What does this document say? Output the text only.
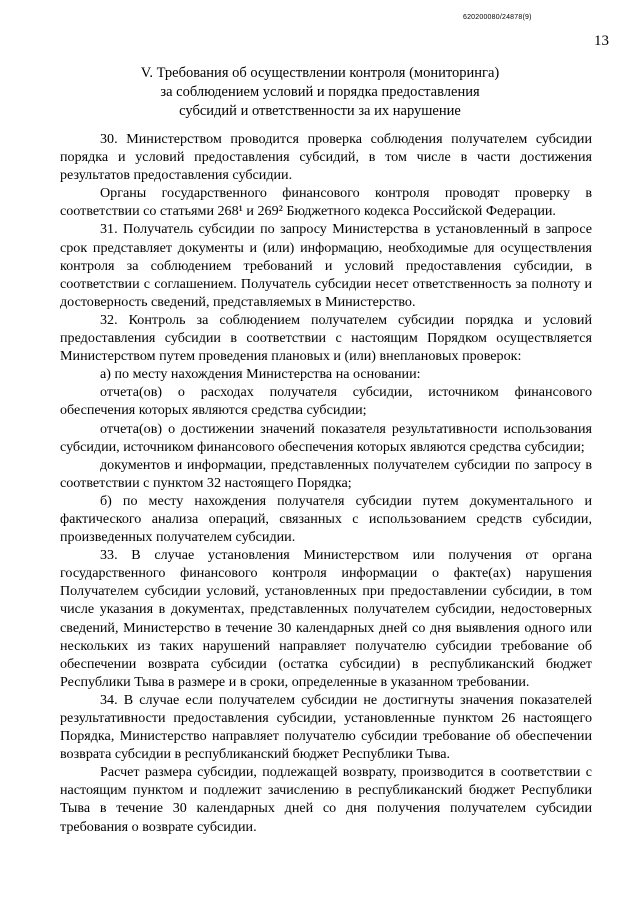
620200080/24878(9)
13
V. Требования об осуществлении контроля (мониторинга)
за соблюдением условий и порядка предоставления
субсидий и ответственности за их нарушение

30. Министерством проводится проверка соблюдения получателем субсидии порядка и условий предоставления субсидий, в том числе в части достижения результатов предоставления субсидии.

Органы государственного финансового контроля проводят проверку в соответствии со статьями 268¹ и 269² Бюджетного кодекса Российской Федерации.

31. Получатель субсидии по запросу Министерства в установленный в запросе срок представляет документы и (или) информацию, необходимые для осуществления контроля за соблюдением требований и условий предоставления субсидии, в соответствии с соглашением. Получатель субсидии несет ответственность за полноту и достоверность сведений, представляемых в Министерство.

32. Контроль за соблюдением получателем субсидии порядка и условий предоставления субсидии в соответствии с настоящим Порядком осуществляется Министерством путем проведения плановых и (или) внеплановых проверок:

а) по месту нахождения Министерства на основании:

отчета(ов) о расходах получателя субсидии, источником финансового обеспечения которых являются средства субсидии;

отчета(ов) о достижении значений показателя результативности использования субсидии, источником финансового обеспечения которых являются средства субсидии;

документов и информации, представленных получателем субсидии по запросу в соответствии с пунктом 32 настоящего Порядка;

б) по месту нахождения получателя субсидии путем документального и фактического анализа операций, связанных с использованием средств субсидии, произведенных получателем субсидии.

33. В случае установления Министерством или получения от органа государственного финансового контроля информации о факте(ах) нарушения Получателем субсидии условий, установленных при предоставлении субсидии, в том числе указания в документах, представленных получателем субсидии, недостоверных сведений, Министерство в течение 30 календарных дней со дня выявления одного или нескольких из таких нарушений направляет получателю субсидии требование об обеспечении возврата субсидии (остатка субсидии) в республиканский бюджет Республики Тыва в размере и в сроки, определенные в указанном требовании.

34. В случае если получателем субсидии не достигнуты значения показателей результативности предоставления субсидии, установленные пунктом 26 настоящего Порядка, Министерство направляет получателю субсидии требование об обеспечении возврата субсидии в республиканский бюджет Республики Тыва.

Расчет размера субсидии, подлежащей возврату, производится в соответствии с настоящим пунктом и подлежит зачислению в республиканский бюджет Республики Тыва в течение 30 календарных дней со дня получения получателем субсидии требования о возврате субсидии.
